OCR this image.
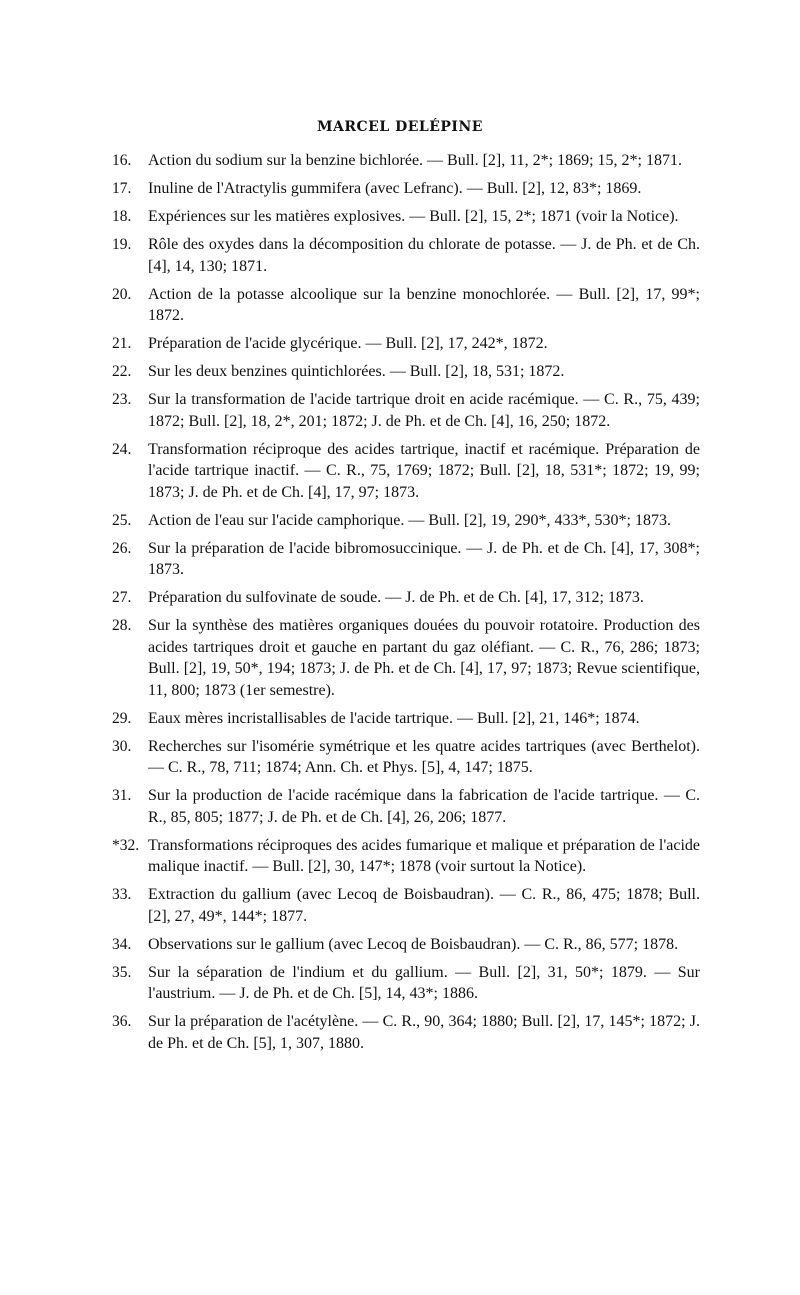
MARCEL DELÉPINE
16.	Action du sodium sur la benzine bichlorée. — Bull. [2], 11, 2*; 1869; 15, 2*; 1871.
17.	Inuline de l'Atractylis gummifera (avec Lefranc). — Bull. [2], 12, 83*; 1869.
18.	Expériences sur les matières explosives. — Bull. [2], 15, 2*; 1871 (voir la Notice).
19.	Rôle des oxydes dans la décomposition du chlorate de potasse. — J. de Ph. et de Ch. [4], 14, 130; 1871.
20.	Action de la potasse alcoolique sur la benzine monochlorée. — Bull. [2], 17, 99*; 1872.
21.	Préparation de l'acide glycérique. — Bull. [2], 17, 242*, 1872.
22.	Sur les deux benzines quintichlorées. — Bull. [2], 18, 531; 1872.
23.	Sur la transformation de l'acide tartrique droit en acide racémique. — C. R., 75, 439; 1872; Bull. [2], 18, 2*, 201; 1872; J. de Ph. et de Ch. [4], 16, 250; 1872.
24.	Transformation réciproque des acides tartrique, inactif et racémique. Préparation de l'acide tartrique inactif. — C. R., 75, 1769; 1872; Bull. [2], 18, 531*; 1872; 19, 99; 1873; J. de Ph. et de Ch. [4], 17, 97; 1873.
25.	Action de l'eau sur l'acide camphorique. — Bull. [2], 19, 290*, 433*, 530*; 1873.
26.	Sur la préparation de l'acide bibromosuccinique. — J. de Ph. et de Ch. [4], 17, 308*; 1873.
27.	Préparation du sulfovinate de soude. — J. de Ph. et de Ch. [4], 17, 312; 1873.
28.	Sur la synthèse des matières organiques douées du pouvoir rotatoire. Production des acides tartriques droit et gauche en partant du gaz oléfiant. — C. R., 76, 286; 1873; Bull. [2], 19, 50*, 194; 1873; J. de Ph. et de Ch. [4], 17, 97; 1873; Revue scientifique, 11, 800; 1873 (1er semestre).
29.	Eaux mères incristallisables de l'acide tartrique. — Bull. [2], 21, 146*; 1874.
30.	Recherches sur l'isomérie symétrique et les quatre acides tartriques (avec Berthelot). — C. R., 78, 711; 1874; Ann. Ch. et Phys. [5], 4, 147; 1875.
31.	Sur la production de l'acide racémique dans la fabrication de l'acide tartrique. — C. R., 85, 805; 1877; J. de Ph. et de Ch. [4], 26, 206; 1877.
*32. Transformations réciproques des acides fumarique et malique et préparation de l'acide malique inactif. — Bull. [2], 30, 147*; 1878 (voir surtout la Notice).
33.	Extraction du gallium (avec Lecoq de Boisbaudran). — C. R., 86, 475; 1878; Bull. [2], 27, 49*, 144*; 1877.
34.	Observations sur le gallium (avec Lecoq de Boisbaudran). — C. R., 86, 577; 1878.
35.	Sur la séparation de l'indium et du gallium. — Bull. [2], 31, 50*; 1879. — Sur l'austrium. — J. de Ph. et de Ch. [5], 14, 43*; 1886.
36.	Sur la préparation de l'acétylène. — C. R., 90, 364; 1880; Bull. [2], 17, 145*; 1872; J. de Ph. et de Ch. [5], 1, 307, 1880.
